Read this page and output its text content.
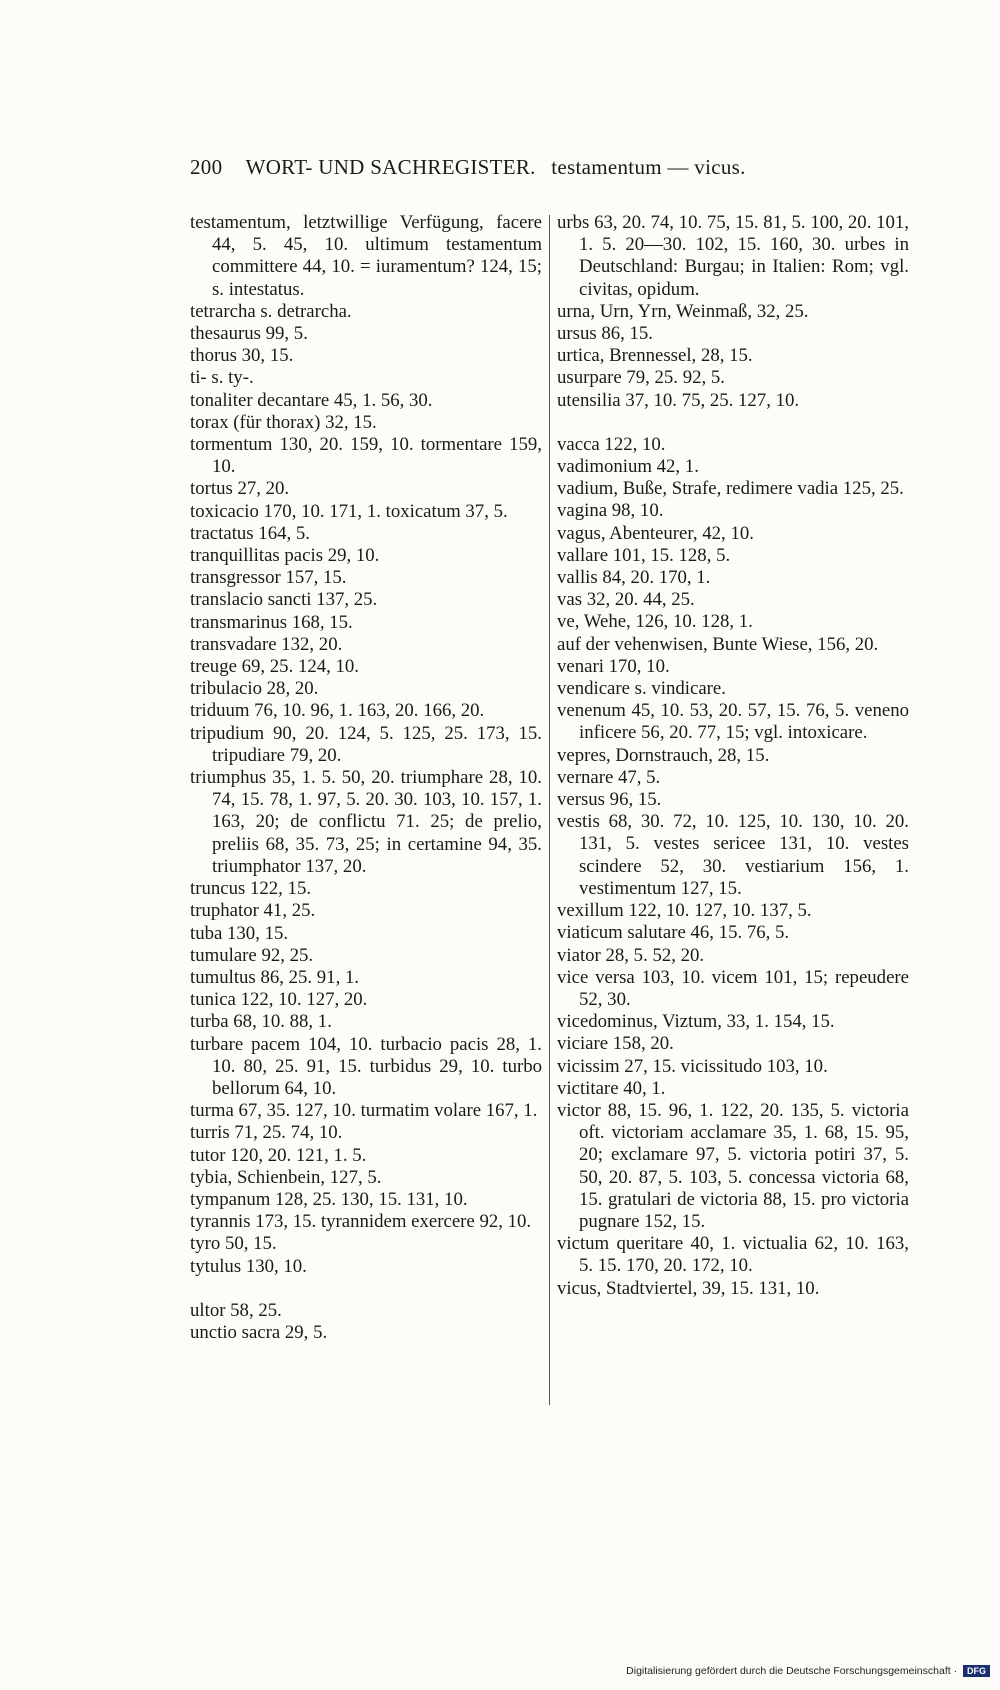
200 WORT- UND SACHREGISTER. testamentum — vicus.
testamentum, letztwillige Verfügung, facere 44, 5. 45, 10. ultimum testamentum committere 44, 10. = iuramentum? 124, 15; s. intestatus.
tetrarcha s. detrarcha.
thesaurus 99, 5.
thorus 30, 15.
ti- s. ty-.
tonaliter decantare 45, 1. 56, 30.
torax (für thorax) 32, 15.
tormentum 130, 20. 159, 10. tormentare 159, 10.
tortus 27, 20.
toxicacio 170, 10. 171, 1. toxicatum 37, 5.
tractatus 164, 5.
tranquillitas pacis 29, 10.
transgressor 157, 15.
translacio sancti 137, 25.
transmarinus 168, 15.
transvadare 132, 20.
treuge 69, 25. 124, 10.
tribulacio 28, 20.
triduum 76, 10. 96, 1. 163, 20. 166, 20.
tripudium 90, 20. 124, 5. 125, 25. 173, 15. tripudiare 79, 20.
triumphus 35, 1. 5. 50, 20. triumphare 28, 10. 74, 15. 78, 1. 97, 5. 20. 30. 103, 10. 157, 1. 163, 20; de conflictu 71. 25; de prelio, preliis 68, 35. 73, 25; in certamine 94, 35. triumphator 137, 20.
truncus 122, 15.
truphator 41, 25.
tuba 130, 15.
tumulare 92, 25.
tumultus 86, 25. 91, 1.
tunica 122, 10. 127, 20.
turba 68, 10. 88, 1.
turbare pacem 104, 10. turbacio pacis 28, 1. 10. 80, 25. 91, 15. turbidus 29, 10. turbo bellorum 64, 10.
turma 67, 35. 127, 10. turmatim volare 167, 1.
turris 71, 25. 74, 10.
tutor 120, 20. 121, 1. 5.
tybia, Schienbein, 127, 5.
tympanum 128, 25. 130, 15. 131, 10.
tyrannis 173, 15. tyrannidem exercere 92, 10.
tyro 50, 15.
tytulus 130, 10.
ultor 58, 25.
unctio sacra 29, 5.
urbs 63, 20. 74, 10. 75, 15. 81, 5. 100, 20. 101, 1. 5. 20—30. 102, 15. 160, 30. urbes in Deutschland: Burgau; in Italien: Rom; vgl. civitas, opidum.
urna, Urn, Yrn, Weinmaß, 32, 25.
ursus 86, 15.
urtica, Brennessel, 28, 15.
usurpare 79, 25. 92, 5.
utensilia 37, 10. 75, 25. 127, 10.
vacca 122, 10.
vadimonium 42, 1.
vadium, Buße, Strafe, redimere vadia 125, 25.
vagina 98, 10.
vagus, Abenteurer, 42, 10.
vallare 101, 15. 128, 5.
vallis 84, 20. 170, 1.
vas 32, 20. 44, 25.
ve, Wehe, 126, 10. 128, 1.
auf der vehenwisen, Bunte Wiese, 156, 20.
venari 170, 10.
vendicare s. vindicare.
venenum 45, 10. 53, 20. 57, 15. 76, 5. veneno inficere 56, 20. 77, 15; vgl. intoxicare.
vepres, Dornstrauch, 28, 15.
vernare 47, 5.
versus 96, 15.
vestis 68, 30. 72, 10. 125, 10. 130, 10. 20. 131, 5. vestes sericee 131, 10. vestes scindere 52, 30. vestiarium 156, 1. vestimentum 127, 15.
vexillum 122, 10. 127, 10. 137, 5.
viaticum salutare 46, 15. 76, 5.
viator 28, 5. 52, 20.
vice versa 103, 10. vicem 101, 15; repeudere 52, 30.
vicedominus, Viztum, 33, 1. 154, 15.
viciare 158, 20.
vicissim 27, 15. vicissitudo 103, 10.
victitare 40, 1.
victor 88, 15. 96, 1. 122, 20. 135, 5. victoria oft. victoriam acclamare 35, 1. 68, 15. 95, 20; exclamare 97, 5. victoria potiri 37, 5. 50, 20. 87, 5. 103, 5. concessa victoria 68, 15. gratulari de victoria 88, 15. pro victoria pugnare 152, 15.
victum queritare 40, 1. victualia 62, 10. 163, 5. 15. 170, 20. 172, 10.
vicus, Stadtviertel, 39, 15. 131, 10.
Digitalisierung gefördert durch die Deutsche Forschungsgemeinschaft · DFG
